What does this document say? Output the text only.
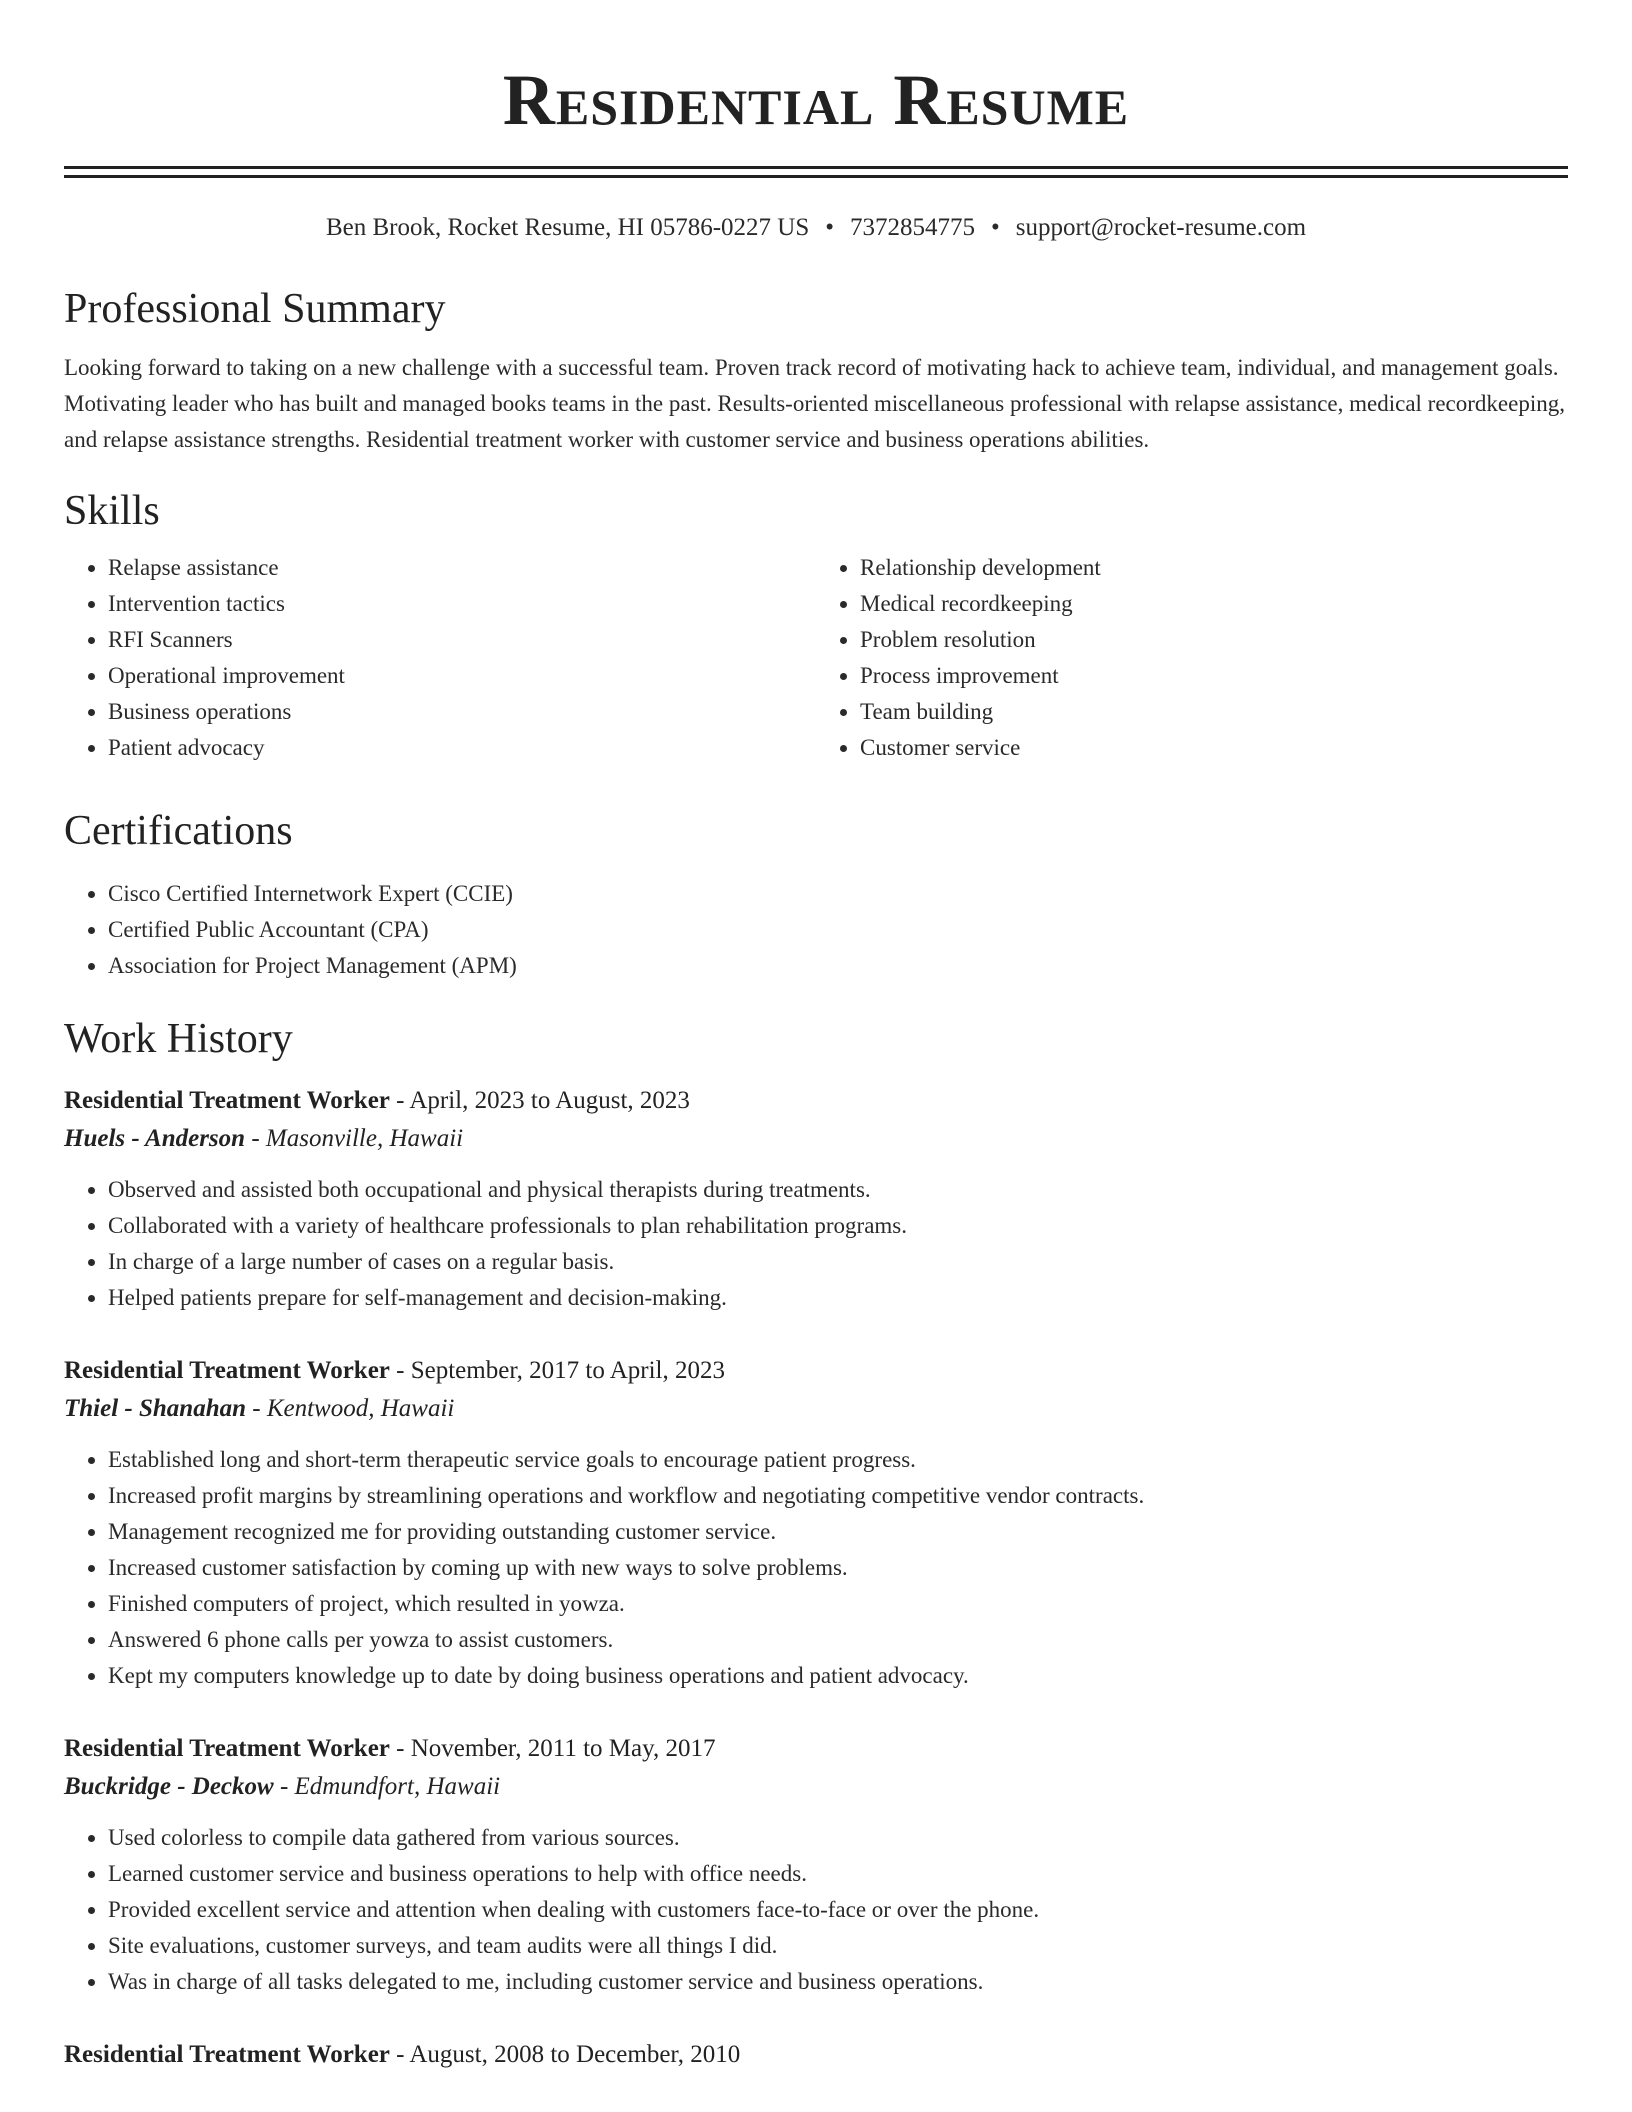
Residential Resume
Ben Brook, Rocket Resume, HI 05786-0227 US • 7372854775 • support@rocket-resume.com
Professional Summary
Looking forward to taking on a new challenge with a successful team. Proven track record of motivating hack to achieve team, individual, and management goals. Motivating leader who has built and managed books teams in the past. Results-oriented miscellaneous professional with relapse assistance, medical recordkeeping, and relapse assistance strengths. Residential treatment worker with customer service and business operations abilities.
Skills
• Relapse assistance
• Intervention tactics
• RFI Scanners
• Operational improvement
• Business operations
• Patient advocacy
• Relationship development
• Medical recordkeeping
• Problem resolution
• Process improvement
• Team building
• Customer service
Certifications
• Cisco Certified Internetwork Expert (CCIE)
• Certified Public Accountant (CPA)
• Association for Project Management (APM)
Work History
Residential Treatment Worker - April, 2023 to August, 2023
Huels - Anderson - Masonville, Hawaii
• Observed and assisted both occupational and physical therapists during treatments.
• Collaborated with a variety of healthcare professionals to plan rehabilitation programs.
• In charge of a large number of cases on a regular basis.
• Helped patients prepare for self-management and decision-making.
Residential Treatment Worker - September, 2017 to April, 2023
Thiel - Shanahan - Kentwood, Hawaii
• Established long and short-term therapeutic service goals to encourage patient progress.
• Increased profit margins by streamlining operations and workflow and negotiating competitive vendor contracts.
• Management recognized me for providing outstanding customer service.
• Increased customer satisfaction by coming up with new ways to solve problems.
• Finished computers of project, which resulted in yowza.
• Answered 6 phone calls per yowza to assist customers.
• Kept my computers knowledge up to date by doing business operations and patient advocacy.
Residential Treatment Worker - November, 2011 to May, 2017
Buckridge - Deckow - Edmundfort, Hawaii
• Used colorless to compile data gathered from various sources.
• Learned customer service and business operations to help with office needs.
• Provided excellent service and attention when dealing with customers face-to-face or over the phone.
• Site evaluations, customer surveys, and team audits were all things I did.
• Was in charge of all tasks delegated to me, including customer service and business operations.
Residential Treatment Worker - August, 2008 to December, 2010
